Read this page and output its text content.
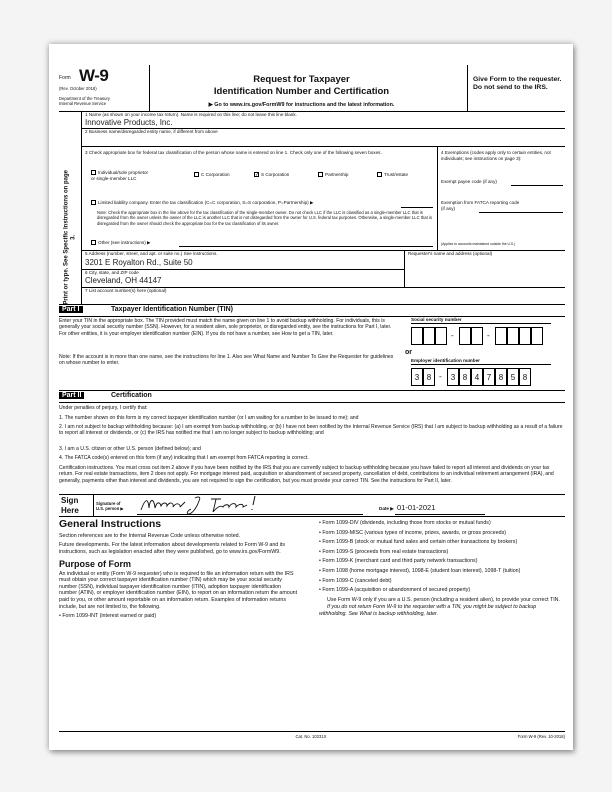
Form W-9
(Rev. October 2018)
Department of the Treasury
Internal Revenue Service
Request for Taxpayer
Identification Number and Certification
▶ Go to www.irs.gov/FormW9 for instructions and the latest information.
Give Form to the requester. Do not send to the IRS.
Print or type. See Specific Instructions on page 3.
1 Name (as shown on your income tax return). Name is required on this line; do not leave this line blank.
Innovative Products, Inc.
2 Business name/disregarded entity name, if different from above
3 Check appropriate box for federal tax classification of the person whose name is entered on line 1. Check only one of the following seven boxes.
Individual/sole proprietor or single-member LLC
C Corporation	✓ S Corporation	Partnership	Trust/estate
Limited liability company. Enter the tax classification (C=C corporation, S=S corporation, P=Partnership) ▶
Note: Check the appropriate box in the line above for the tax classification of the single-member owner. Do not check LLC if the LLC is classified as a single-member LLC that is disregarded from the owner unless the owner of the LLC is another LLC that is not disregarded from the owner for U.S. federal tax purposes. Otherwise, a single-member LLC that is disregarded from the owner should check the appropriate box for the tax classification of its owner.
Other (see instructions) ▶
4 Exemptions (codes apply only to certain entities, not individuals; see instructions on page 3):
Exempt payee code (if any)
Exemption from FATCA reporting code (if any)
(Applies to accounts maintained outside the U.S.)
5 Address (number, street, and apt. or suite no.) See instructions.
3201 E Royalton Rd., Suite 50
Requester's name and address (optional)
6 City, state, and ZIP code
Cleveland, OH 44147
7 List account number(s) here (optional)
Part I	Taxpayer Identification Number (TIN)
Enter your TIN in the appropriate box. The TIN provided must match the name given on line 1 to avoid backup withholding. For individuals, this is generally your social security number (SSN). However, for a resident alien, sole proprietor, or disregarded entity, see the instructions for Part I, later. For other entities, it is your employer identification number (EIN). If you do not have a number, see How to get a TIN, later.
Note: If the account is in more than one name, see the instructions for line 1. Also see What Name and Number To Give the Requester for guidelines on whose number to enter.
Social security number
-	-
or
Employer identification number
3 8 -	3 8 4 7 8 5 8
Part II	Certification
Under penalties of perjury, I certify that:
1. The number shown on this form is my correct taxpayer identification number (or I am waiting for a number to be issued to me); and
2. I am not subject to backup withholding because: (a) I am exempt from backup withholding, or (b) I have not been notified by the Internal Revenue Service (IRS) that I am subject to backup withholding as a result of a failure to report all interest or dividends, or (c) the IRS has notified me that I am no longer subject to backup withholding; and
3. I am a U.S. citizen or other U.S. person (defined below); and
4. The FATCA code(s) entered on this form (if any) indicating that I am exempt from FATCA reporting is correct.
Certification instructions. You must cross out item 2 above if you have been notified by the IRS that you are currently subject to backup withholding because you have failed to report all interest and dividends on your tax return. For real estate transactions, item 2 does not apply. For mortgage interest paid, acquisition or abandonment of secured property, cancellation of debt, contributions to an individual retirement arrangement (IRA), and generally, payments other than interest and dividends, you are not required to sign the certification, but you must provide your correct TIN. See the instructions for Part II, later.
Sign
Here
Signature of
U.S. person ▶	Date ▶ 01-01-2021
General Instructions
Section references are to the Internal Revenue Code unless otherwise noted.
Future developments. For the latest information about developments related to Form W-9 and its instructions, such as legislation enacted after they were published, go to www.irs.gov/FormW9.
Purpose of Form
An individual or entity (Form W-9 requester) who is required to file an information return with the IRS must obtain your correct taxpayer identification number (TIN) which may be your social security number (SSN), individual taxpayer identification number (ITIN), adoption taxpayer identification number (ATIN), or employer identification number (EIN), to report on an information return the amount paid to you, or other amount reportable on an information return. Examples of information returns include, but are not limited to, the following.
• Form 1099-INT (interest earned or paid)
• Form 1099-DIV (dividends, including those from stocks or mutual funds)
• Form 1099-MISC (various types of income, prizes, awards, or gross proceeds)
• Form 1099-B (stock or mutual fund sales and certain other transactions by brokers)
• Form 1099-S (proceeds from real estate transactions)
• Form 1099-K (merchant card and third party network transactions)
• Form 1098 (home mortgage interest), 1098-E (student loan interest), 1098-T (tuition)
• Form 1099-C (canceled debt)
• Form 1099-A (acquisition or abandonment of secured property)
Use Form W-9 only if you are a U.S. person (including a resident alien), to provide your correct TIN.
If you do not return Form W-9 to the requester with a TIN, you might be subject to backup withholding. See What is backup withholding, later.
Cat. No. 10231X	Form W-9 (Rev. 10-2018)
